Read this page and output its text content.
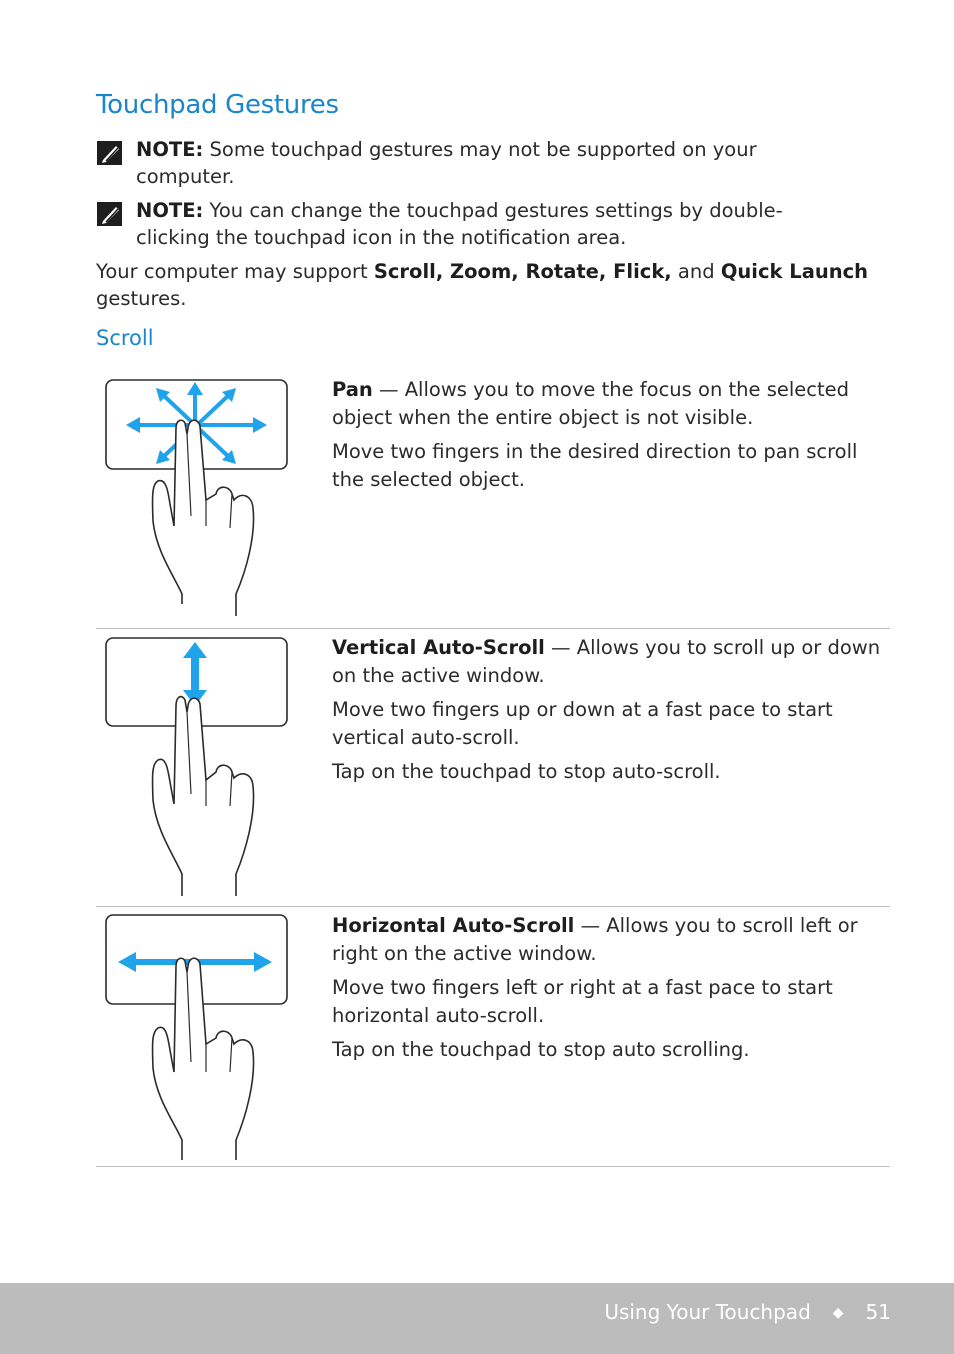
Touchpad Gestures
NOTE: Some touchpad gestures may not be supported on your computer.
NOTE: You can change the touchpad gestures settings by double-clicking the touchpad icon in the notification area.
Your computer may support Scroll, Zoom, Rotate, Flick, and Quick Launch gestures.
Scroll

Pan — Allows you to move the focus on the selected object when the entire object is not visible.

Move two fingers in the desired direction to pan scroll the selected object.

Vertical Auto-Scroll — Allows you to scroll up or down on the active window.

Move two fingers up or down at a fast pace to start vertical auto-scroll.

Tap on the touchpad to stop auto-scroll.

Horizontal Auto-Scroll — Allows you to scroll left or right on the active window.

Move two fingers left or right at a fast pace to start horizontal auto-scroll.

Tap on the touchpad to stop auto scrolling.

Using Your Touchpad ◆ 51
